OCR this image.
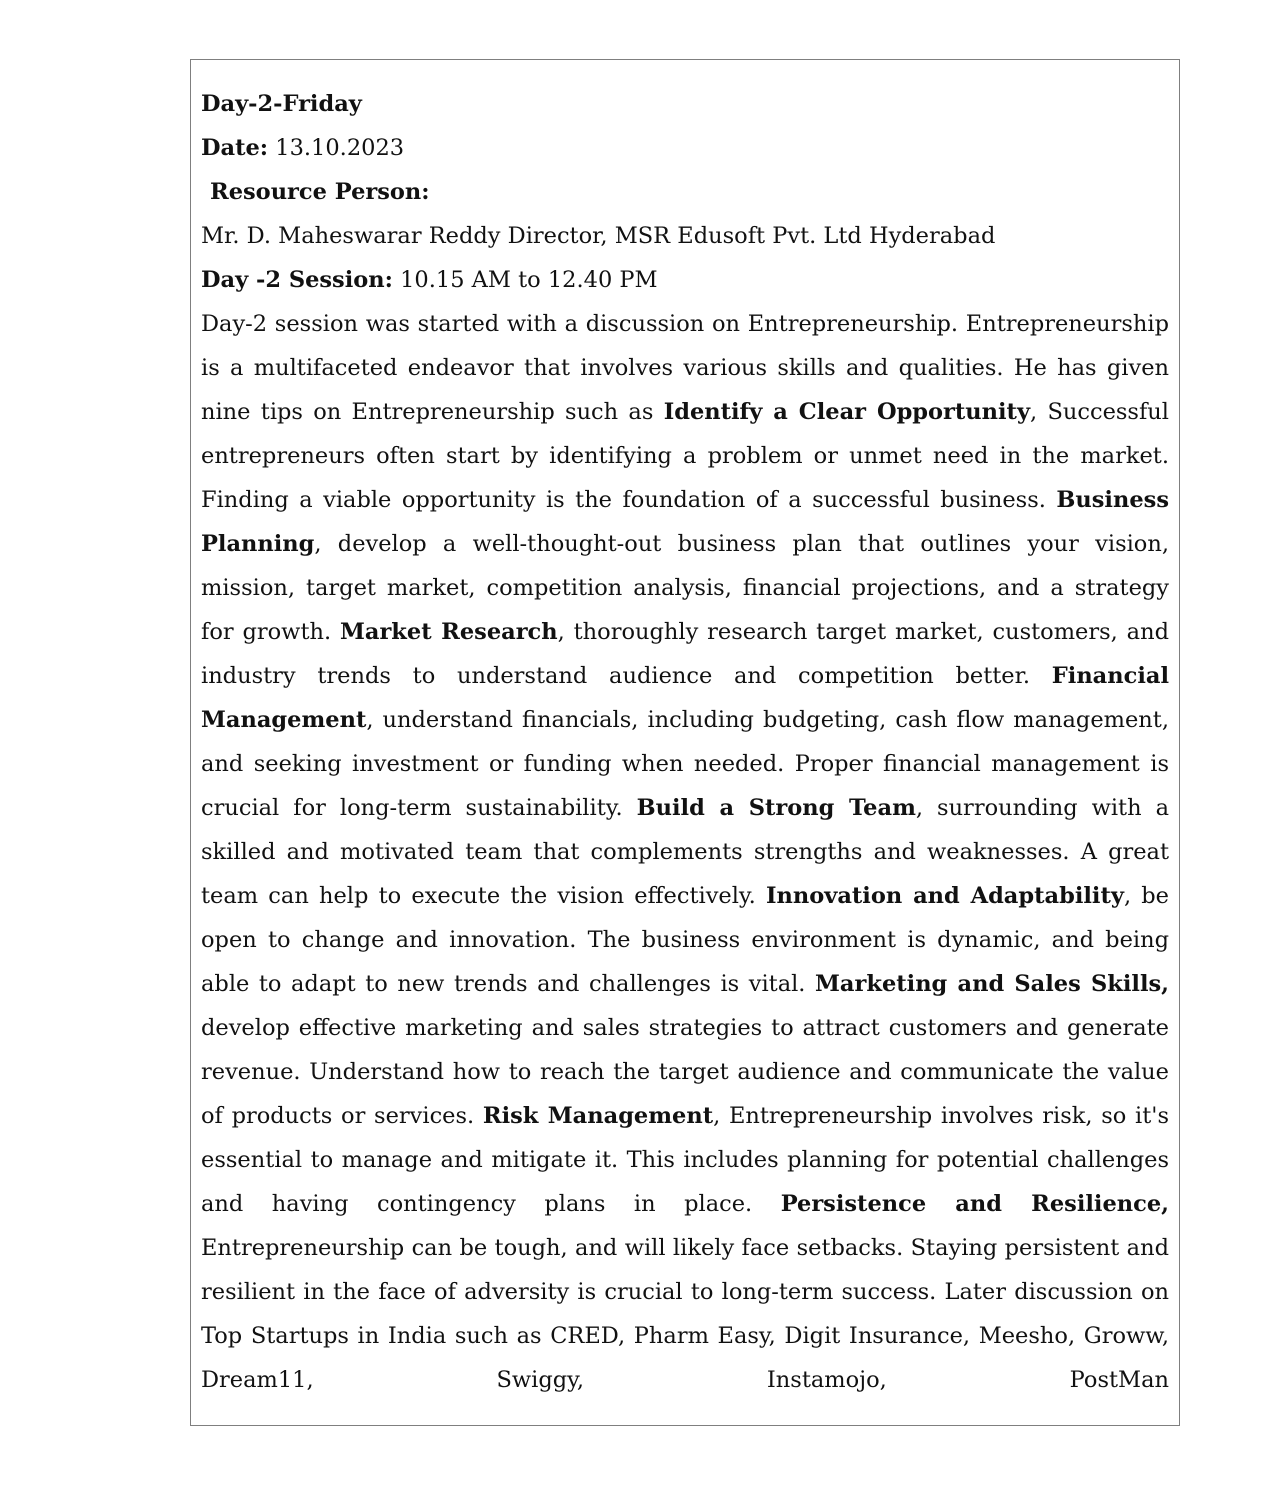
Day-2-Friday
Date: 13.10.2023
Resource Person:
Mr. D. Maheswarar Reddy Director, MSR Edusoft Pvt. Ltd Hyderabad
Day -2 Session: 10.15 AM to 12.40 PM

Day-2 session was started with a discussion on Entrepreneurship. Entrepreneurship is a multifaceted endeavor that involves various skills and qualities. He has given nine tips on Entrepreneurship such as Identify a Clear Opportunity, Successful entrepreneurs often start by identifying a problem or unmet need in the market. Finding a viable opportunity is the foundation of a successful business. Business Planning, develop a well-thought-out business plan that outlines your vision, mission, target market, competition analysis, financial projections, and a strategy for growth. Market Research, thoroughly research target market, customers, and industry trends to understand audience and competition better. Financial Management, understand financials, including budgeting, cash flow management, and seeking investment or funding when needed. Proper financial management is crucial for long-term sustainability. Build a Strong Team, surrounding with a skilled and motivated team that complements strengths and weaknesses. A great team can help to execute the vision effectively. Innovation and Adaptability, be open to change and innovation. The business environment is dynamic, and being able to adapt to new trends and challenges is vital. Marketing and Sales Skills, develop effective marketing and sales strategies to attract customers and generate revenue. Understand how to reach the target audience and communicate the value of products or services. Risk Management, Entrepreneurship involves risk, so it's essential to manage and mitigate it. This includes planning for potential challenges and having contingency plans in place. Persistence and Resilience, Entrepreneurship can be tough, and will likely face setbacks. Staying persistent and resilient in the face of adversity is crucial to long-term success. Later discussion on Top Startups in India such as CRED, Pharm Easy, Digit Insurance, Meesho, Groww, Dream11, Swiggy, Instamojo, PostMan
